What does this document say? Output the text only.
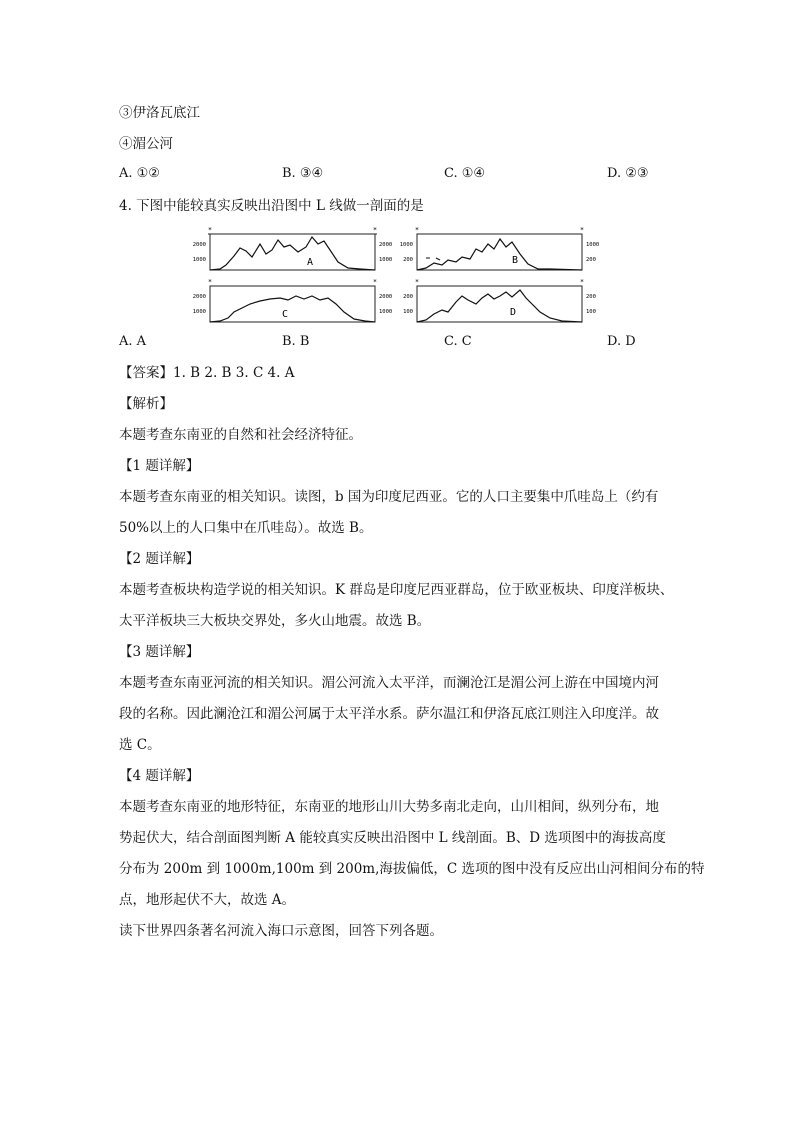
③伊洛瓦底江
④湄公河
A. ①②	B. ③④	C. ①④	D. ②③
4. 下图中能较真实反映出沿图中 L 线做一剖面的是
2000
1000
2000
1000
A
*	*
1000
200
1000
200
B
*	*
2000
1000
2000
1000
C
*	*
200
100
200
100
D
*	*
A. A	B. B	C. C	D. D
【答案】1. B 2. B 3. C 4. A
【解析】
本题考查东南亚的自然和社会经济特征。
【1 题详解】
本题考查东南亚的相关知识。读图，b 国为印度尼西亚。它的人口主要集中爪哇岛上（约有
50%以上的人口集中在爪哇岛）。故选 B。
【2 题详解】
本题考查板块构造学说的相关知识。K 群岛是印度尼西亚群岛，位于欧亚板块、印度洋板块、
太平洋板块三大板块交界处，多火山地震。故选 B。
【3 题详解】
本题考查东南亚河流的相关知识。湄公河流入太平洋，而澜沧江是湄公河上游在中国境内河
段的名称。因此澜沧江和湄公河属于太平洋水系。萨尔温江和伊洛瓦底江则注入印度洋。故
选 C。
【4 题详解】
本题考查东南亚的地形特征，东南亚的地形山川大势多南北走向，山川相间，纵列分布，地
势起伏大，结合剖面图判断 A 能较真实反映出沿图中 L 线剖面。B、D 选项图中的海拔高度
分布为 200m 到 1000m,100m 到 200m,海拔偏低，C 选项的图中没有反应出山河相间分布的特
点，地形起伏不大，故选 A。
读下世界四条著名河流入海口示意图，回答下列各题。
